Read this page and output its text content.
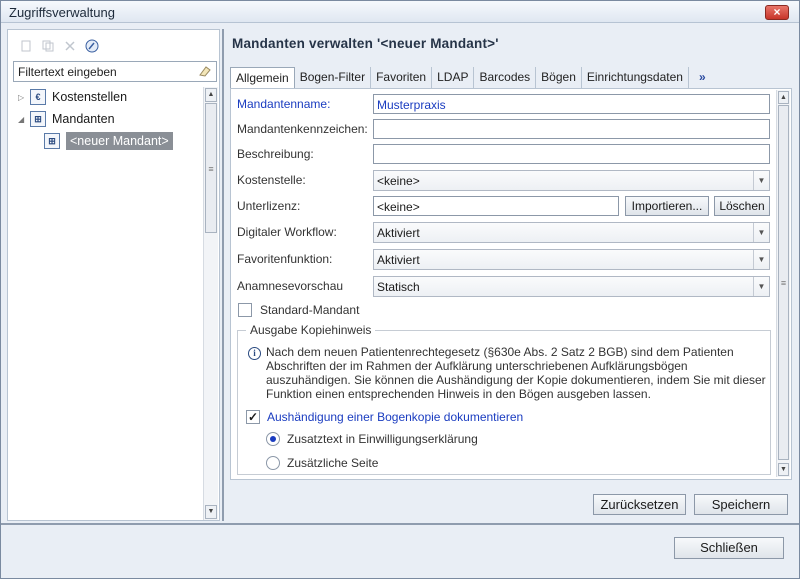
Zugriffsverwaltung	×
Filtertext eingeben
▷	€ Kostenstellen
◢	⊞ Mandanten
⊞	<neuer Mandant>
▲
≡
▼
Mandanten verwalten '<neuer Mandant>'
Allgemein Bogen-Filter Favoriten LDAP Barcodes Bögen Einrichtungsdaten	»
Mandantenname:	Musterpraxis
Mandantenkennzeichen:
Beschreibung:
Kostenstelle:	<keine>	▼
Unterlizenz:	<keine>	Importieren...	Löschen
Digitaler Workflow:	Aktiviert	▼
Favoritenfunktion:	Aktiviert	▼
Anamnesevorschau	Statisch	▼
Standard-Mandant
Ausgabe Kopiehinweis
i Nach dem neuen Patientenrechtegesetz (§630e Abs. 2 Satz 2 BGB) sind dem Patienten Abschriften der im Rahmen der Aufklärung unterschriebenen Aufklärungsbögen auszuhändigen. Sie können die Aushändigung der Kopie dokumentieren, indem Sie mit dieser Funktion einen entsprechenden Hinweis in den Bögen ausgeben lassen.
✓ Aushändigung einer Bogenkopie dokumentieren
Zusatztext in Einwilligungserklärung
Zusätzliche Seite
▲
≡
▼
Zurücksetzen	Speichern
Schließen
